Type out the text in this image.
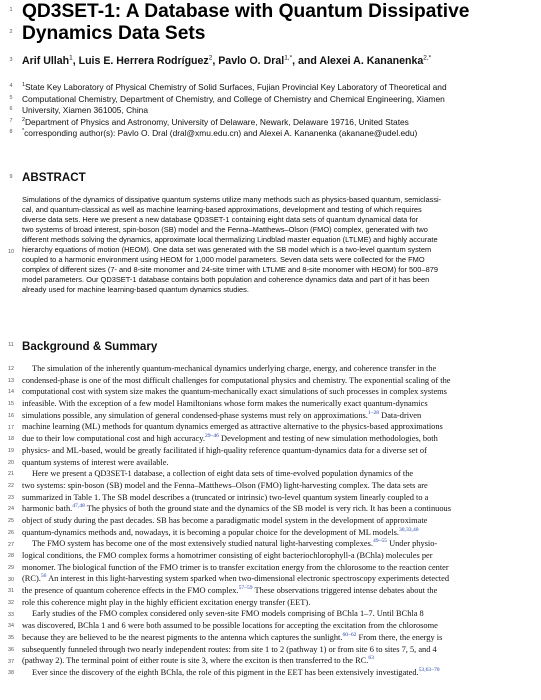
1
2
3
4
5
6
7
8
9
10
11
12
13
14
15
16
17
18
19
20
21
22
23
24
25
26
27
28
29
30
31
32
33
34
35
36
37
38
QD3SET-1: A Database with Quantum Dissipative
Dynamics Data Sets
Arif Ullah$^1$, Luis E. Herrera Rodríguez$^2$, Pavlo O. Dral$^{1,*}$, and Alexei A. Kananenka$^{2,*}$
$^1$State Key Laboratory of Physical Chemistry of Solid Surfaces, Fujian Provincial Key Laboratory of Theoretical and
Computational Chemistry, Department of Chemistry, and College of Chemistry and Chemical Engineering, Xiamen
University, Xiamen 361005, China
$^2$Department of Physics and Astronomy, University of Delaware, Newark, Delaware 19716, United States
*corresponding author(s): Pavlo O. Dral (dral@xmu.edu.cn) and Alexei A. Kananenka (akanane@udel.edu)
ABSTRACT
Simulations of the dynamics of dissipative quantum systems utilize many methods such as physics-based quantum, semiclassi-
cal, and quantum-classical as well as machine learning-based approximations, development and testing of which requires
diverse data sets. Here we present a new database QD3SET-1 containing eight data sets of quantum dynamical data for
two systems of broad interest, spin-boson (SB) model and the Fenna–Matthews–Olson (FMO) complex, generated with two
different methods solving the dynamics, approximate local thermalizing Lindblad master equation (LTLME) and highly accurate
hierarchy equations of motion (HEOM). One data set was generated with the SB model which is a two-level quantum system
coupled to a harmonic environment using HEOM for 1,000 model parameters. Seven data sets were collected for the FMO
complex of different sizes (7- and 8-site monomer and 24-site trimer with LTLME and 8-site monomer with HEOM) for 500–879
model parameters. Our QD3SET-1 database contains both population and coherence dynamics data and part of it has been
already used for machine learning-based quantum dynamics studies.
Background & Summary
The simulation of the inherently quantum-mechanical dynamics underlying charge, energy, and coherence transfer in the
condensed-phase is one of the most difficult challenges for computational physics and chemistry. The exponential scaling of the
computational cost with system size makes the quantum-mechanically exact simulations of such processes in complex systems
infeasible. With the exception of a few model Hamiltonians whose form makes the numerically exact quantum-dynamics
simulations possible, any simulation of general condensed-phase systems must rely on approximations.$^{1-28}$ Data-driven
machine learning (ML) methods for quantum dynamics emerged as attractive alternative to the physics-based approximations
due to their low computational cost and high accuracy.$^{29-46}$ Development and testing of new simulation methodologies, both
physics- and ML-based, would be greatly facilitated if high-quality reference quantum-dynamics data for a diverse set of
quantum systems of interest were available.
Here we present a QD3SET-1 database, a collection of eight data sets of time-evolved population dynamics of the
two systems: spin-boson (SB) model and the Fenna–Matthews–Olson (FMO) light-harvesting complex. The data sets are
summarized in Table 1. The SB model describes a (truncated or intrinsic) two-level quantum system linearly coupled to a
harmonic bath.$^{47,48}$ The physics of both the ground state and the dynamics of the SB model is very rich. It has been a continuous
object of study during the past decades. SB has become a paradigmatic model system in the development of approximate
quantum-dynamics methods and, nowadays, it is becoming a popular choice for the development of ML models.$^{30,33,40}$
The FMO system has become one of the most extensively studied natural light-harvesting complexes.$^{49-55}$ Under physio-
logical conditions, the FMO complex forms a homotrimer consisting of eight bacteriochlorophyll-a (BChla) molecules per
monomer. The biological function of the FMO trimer is to transfer excitation energy from the chlorosome to the reaction center
(RC).$^{56}$ An interest in this light-harvesting system sparked when two-dimensional electronic spectroscopy experiments detected
the presence of quantum coherence effects in the FMO complex.$^{57-59}$ These observations triggered intense debates about the
role this coherence might play in the highly efficient excitation energy transfer (EET).
Early studies of the FMO complex considered only seven-site FMO models comprising of BChla 1–7. Until BChla 8
was discovered, BChla 1 and 6 were both assumed to be possible locations for accepting the excitation from the chlorosome
because they are believed to be the nearest pigments to the antenna which captures the sunlight.$^{60-62}$ From there, the energy is
subsequently funneled through two nearly independent routes: from site 1 to 2 (pathway 1) or from site 6 to sites 7, 5, and 4
(pathway 2). The terminal point of either route is site 3, where the exciton is then transferred to the RC.$^{63}$
Ever since the discovery of the eighth BChla, the role of this pigment in the EET has been extensively investigated.$^{53,63-70}$
